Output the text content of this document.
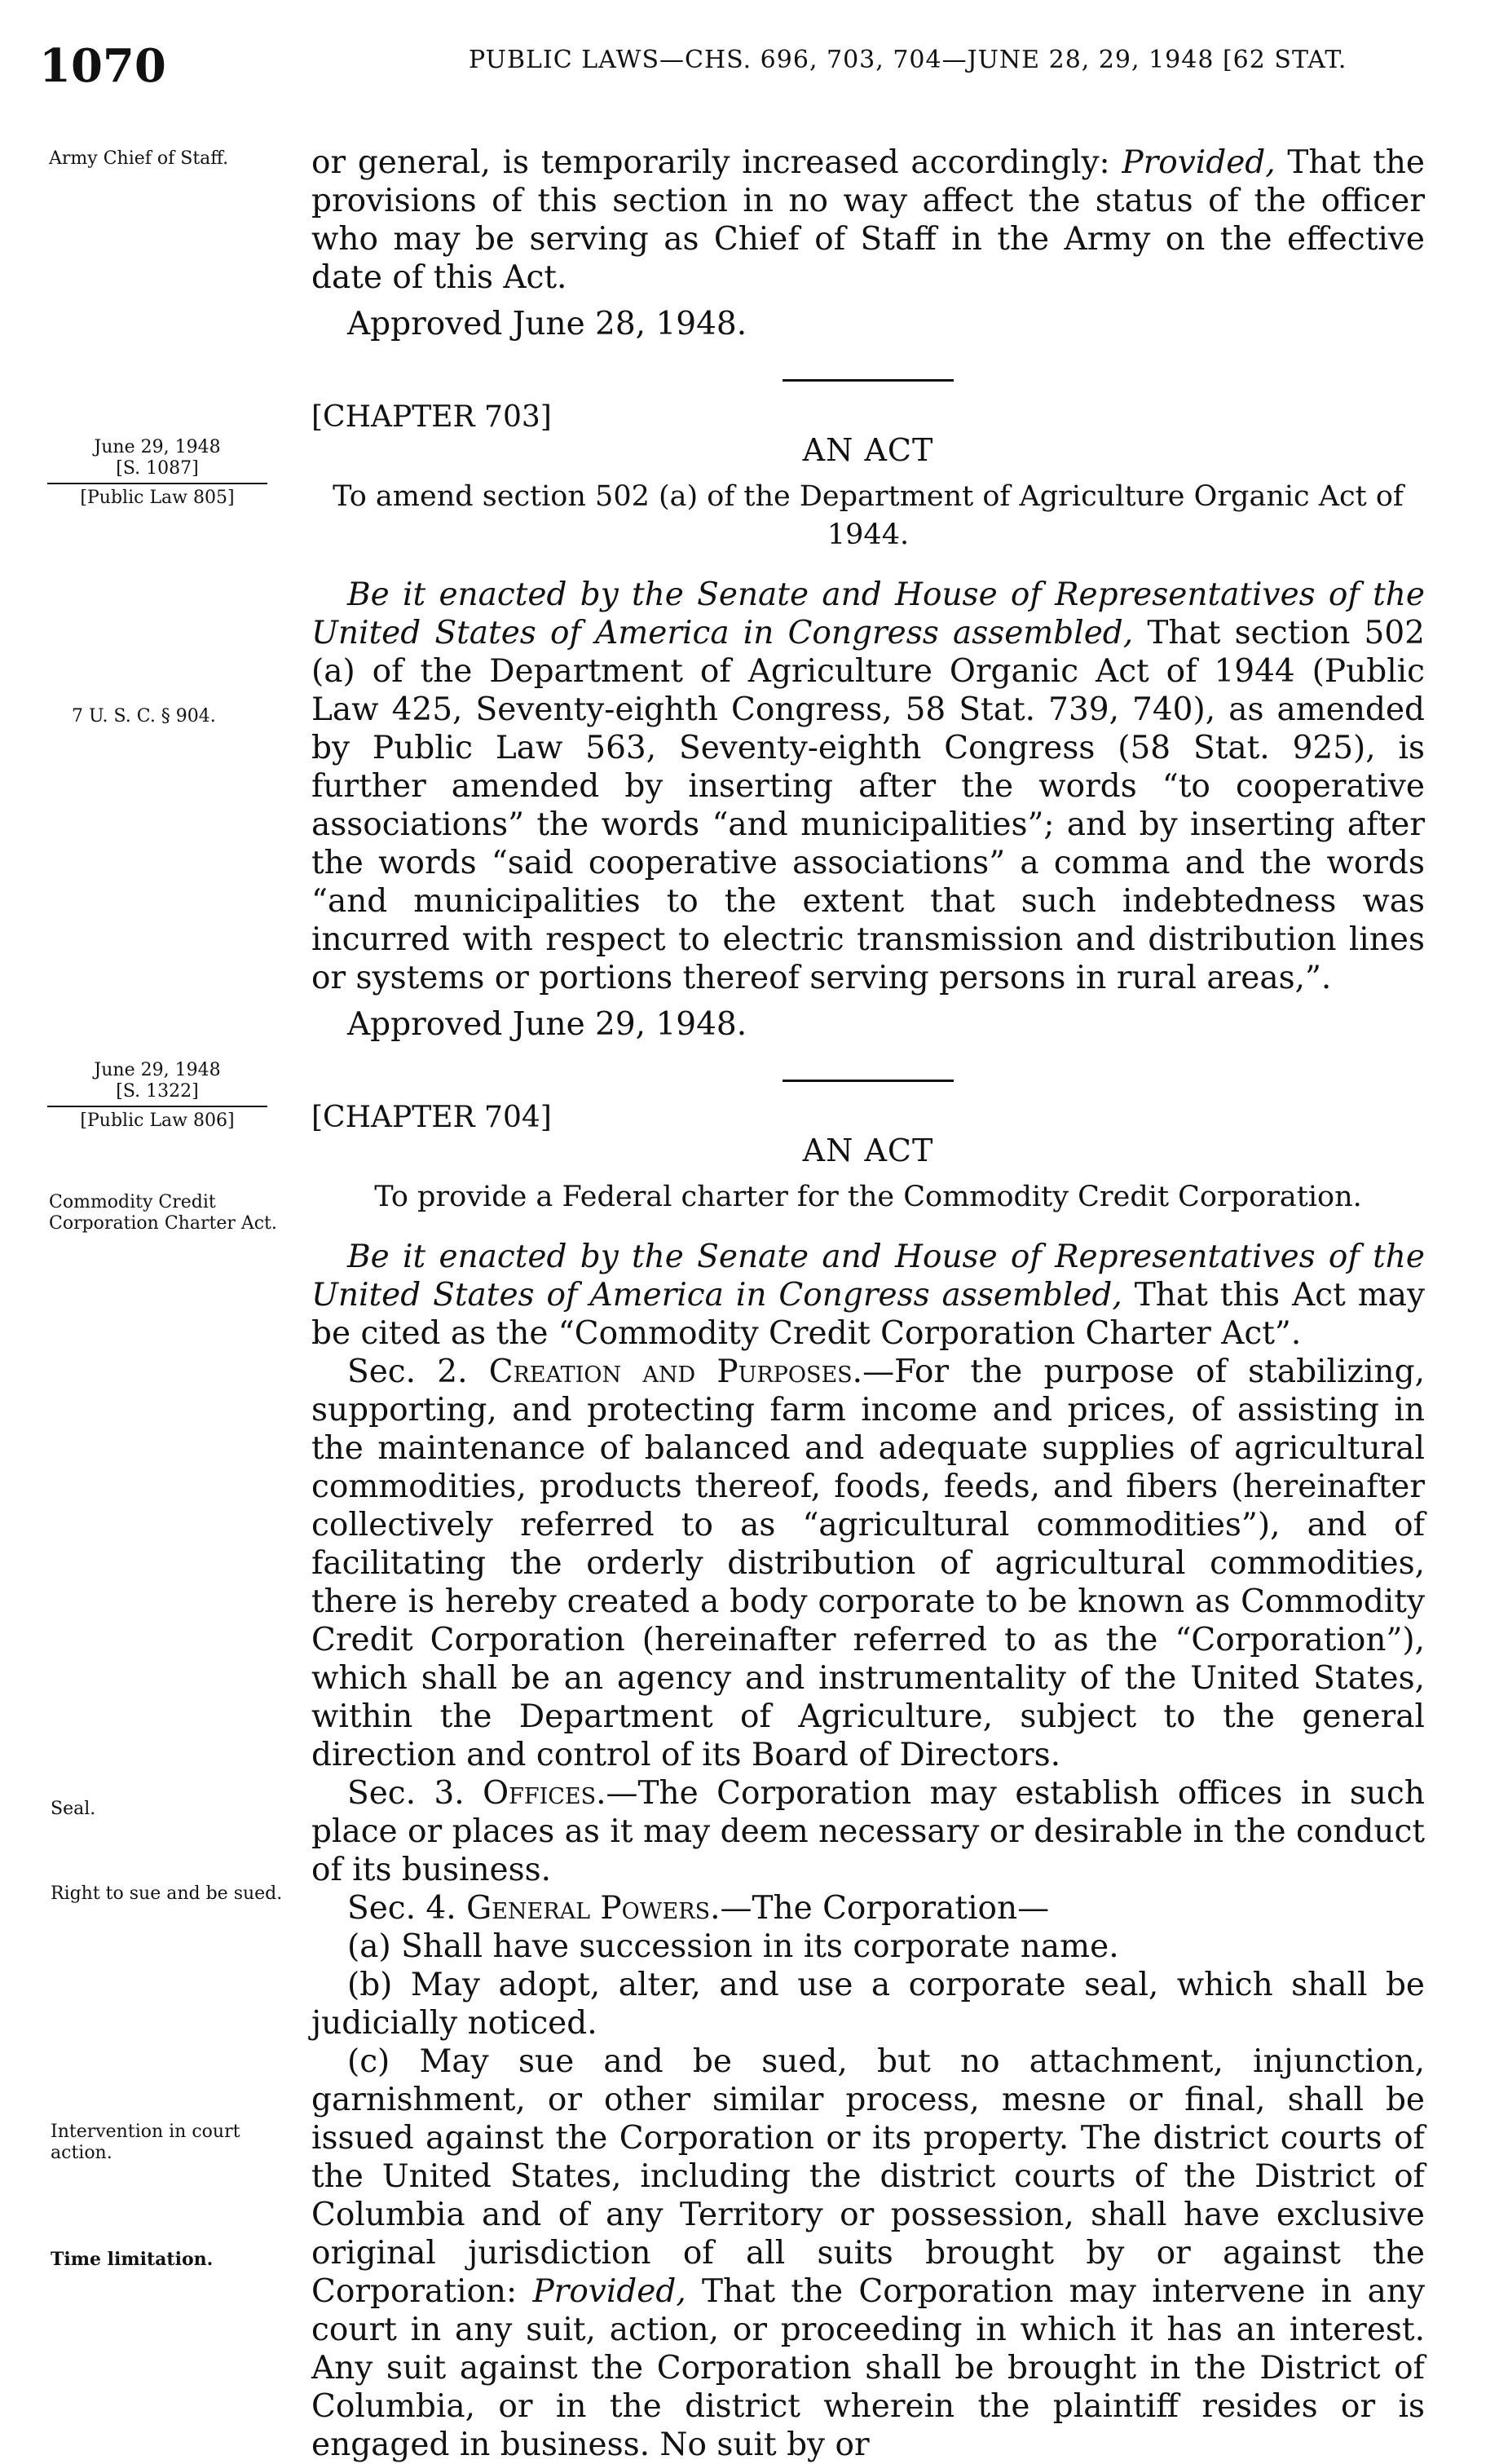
1070	PUBLIC LAWS—CHS. 696, 703, 704—JUNE 28, 29, 1948 [62 STAT.
Army Chief of Staff.
June 29, 1948
[S. 1087]
[Public Law 805]
7 U. S. C. § 904.
June 29, 1948
[S. 1322]
[Public Law 806]
Commodity Credit Corporation Charter Act.
Seal.
Right to sue and be sued.
Intervention in court action.
Time limitation.

or general, is temporarily increased accordingly: Provided, That the provisions of this section in no way affect the status of the officer who may be serving as Chief of Staff in the Army on the effective date of this Act.

Approved June 28, 1948.

[CHAPTER 703]
AN ACT
To amend section 502 (a) of the Department of Agriculture Organic Act of 1944.

Be it enacted by the Senate and House of Representatives of the United States of America in Congress assembled, That section 502 (a) of the Department of Agriculture Organic Act of 1944 (Public Law 425, Seventy-eighth Congress, 58 Stat. 739, 740), as amended by Public Law 563, Seventy-eighth Congress (58 Stat. 925), is further amended by inserting after the words “to cooperative associations” the words “and municipalities”; and by inserting after the words “said cooperative associations” a comma and the words “and municipalities to the extent that such indebtedness was incurred with respect to electric transmission and distribution lines or systems or portions thereof serving persons in rural areas,”.

Approved June 29, 1948.

[CHAPTER 704]
AN ACT
To provide a Federal charter for the Commodity Credit Corporation.

Be it enacted by the Senate and House of Representatives of the United States of America in Congress assembled, That this Act may be cited as the “Commodity Credit Corporation Charter Act”.

Sec. 2. Creation and Purposes.—For the purpose of stabilizing, supporting, and protecting farm income and prices, of assisting in the maintenance of balanced and adequate supplies of agricultural commodities, products thereof, foods, feeds, and fibers (hereinafter collectively referred to as “agricultural commodities”), and of facilitating the orderly distribution of agricultural commodities, there is hereby created a body corporate to be known as Commodity Credit Corporation (hereinafter referred to as the “Corporation”), which shall be an agency and instrumentality of the United States, within the Department of Agriculture, subject to the general direction and control of its Board of Directors.

Sec. 3. Offices.—The Corporation may establish offices in such place or places as it may deem necessary or desirable in the conduct of its business.

Sec. 4. General Powers.—The Corporation—

(a) Shall have succession in its corporate name.

(b) May adopt, alter, and use a corporate seal, which shall be judicially noticed.

(c) May sue and be sued, but no attachment, injunction, garnishment, or other similar process, mesne or final, shall be issued against the Corporation or its property. The district courts of the United States, including the district courts of the District of Columbia and of any Territory or possession, shall have exclusive original jurisdiction of all suits brought by or against the Corporation: Provided, That the Corporation may intervene in any court in any suit, action, or proceeding in which it has an interest. Any suit against the Corporation shall be brought in the District of Columbia, or in the district wherein the plaintiff resides or is engaged in business. No suit by or
